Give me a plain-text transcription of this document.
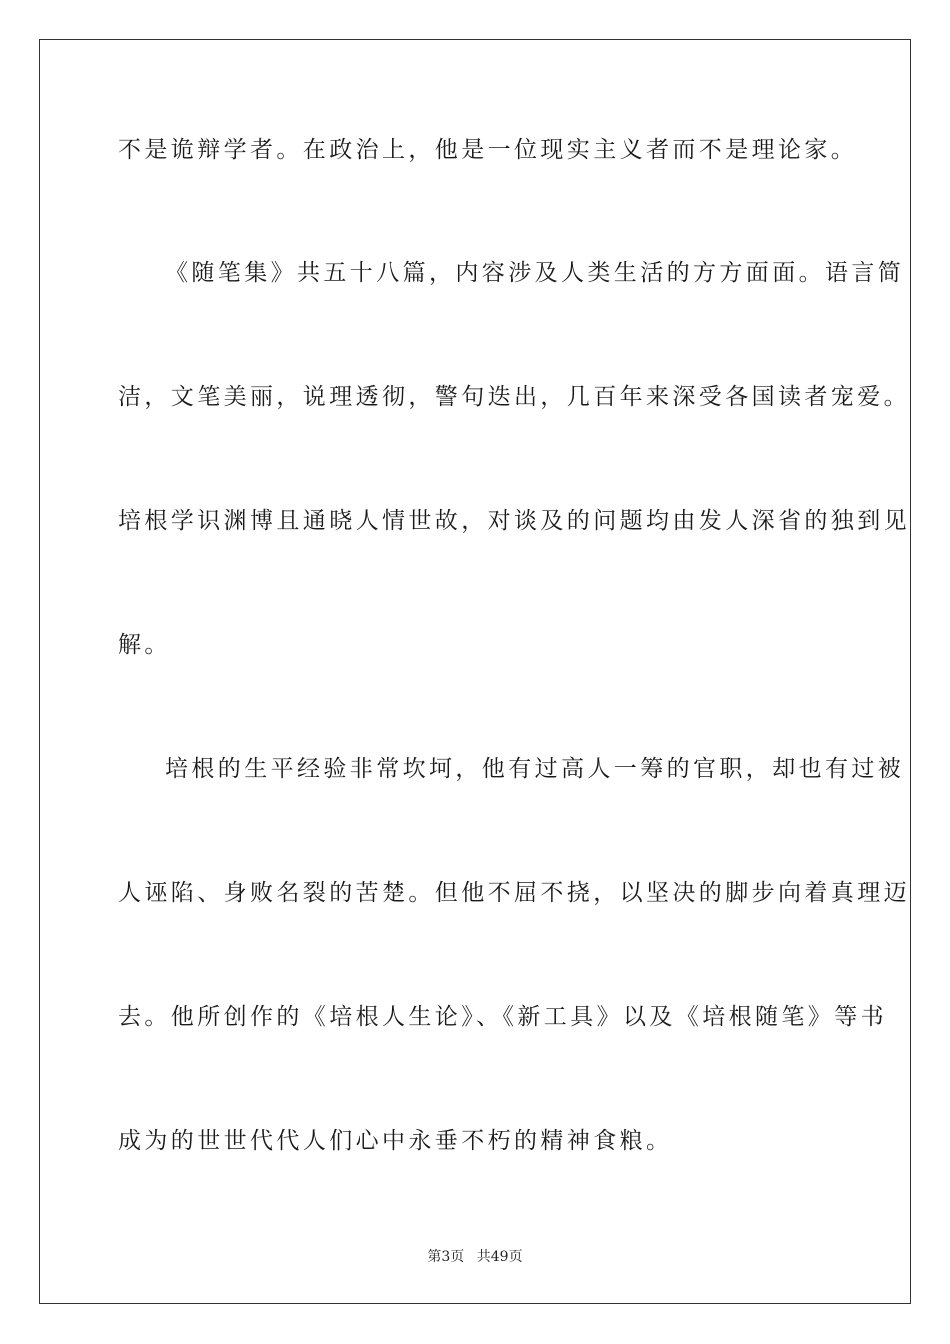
不是诡辩学者。在政治上，他是一位现实主义者而不是理论家。
《随笔集》共五十八篇，内容涉及人类生活的方方面面。语言简
洁，文笔美丽，说理透彻，警句迭出，几百年来深受各国读者宠爱。
培根学识渊博且通晓人情世故，对谈及的问题均由发人深省的独到见
解。
培根的生平经验非常坎坷，他有过高人一筹的官职，却也有过被
人诬陷、身败名裂的苦楚。但他不屈不挠，以坚决的脚步向着真理迈
去。他所创作的《培根人生论》、《新工具》以及《培根随笔》等书
成为的世世代代人们心中永垂不朽的精神食粮。
第3页 共49页
